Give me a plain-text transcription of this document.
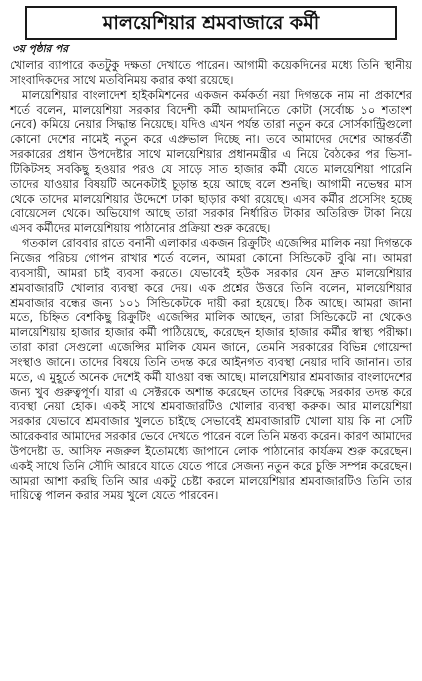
মালয়েশিয়ার শ্রমবাজারে কর্মী
৩য় পৃষ্ঠার পর

খোলার ব্যাপারে কতটুকু দক্ষতা দেখাতে পারেন। আগামী কয়েকদিনের মধ্যে তিনি স্থানীয় সাংবাদিকদের সাথে মতবিনিময় করার কথা রয়েছে।

মালয়েশিয়ার বাংলাদেশ হাইকমিশনের একজন কর্মকর্তা নয়া দিগন্তকে নাম না প্রকাশের শর্তে বলেন, মালয়েশিয়া সরকার বিদেশী কর্মী আমদানিতে কোটা (সর্বোচ্চ ১০ শতাংশ নেবে) কমিয়ে নেয়ার সিদ্ধান্ত নিয়েছে। যদিও এখন পর্যন্ত তারা নতুন করে সোর্সকান্ট্রিগুলো কোনো দেশের নামেই নতুন করে এপ্রুভাল দিচ্ছে না। তবে আমাদের দেশের আন্তর্বর্তী সরকারের প্রধান উপদেষ্টার সাথে মালয়েশিয়ার প্রধানমন্ত্রীর এ নিয়ে বৈঠকের পর ভিসা-টিকিটসহ সবকিছু হওয়ার পরও যে সাড়ে সাত হাজার কর্মী যেতে মালয়েশিয়া পারেনি তাদের যাওয়ার বিষয়টি অনেকটাই চূড়ান্ত হয়ে আছে বলে শুনছি। আগামী নভেম্বর মাস থেকে তাদের মালয়েশিয়ার উদ্দেশে ঢাকা ছাড়ার কথা রয়েছে। এসব কর্মীর প্রসেসিং হচ্ছে বোয়েসেল থেকে। অভিযোগ আছে তারা সরকার নির্ধারিত টাকার অতিরিক্ত টাকা নিয়ে এসব কর্মীদের মালয়েশিয়ায় পাঠানোর প্রক্রিয়া শুরু করেছে।

গতকাল রোববার রাতে বনানী এলাকার একজন রিক্রুটিং এজেন্সির মালিক নয়া দিগন্তকে নিজের পরিচয় গোপন রাখার শর্তে বলেন, আমরা কোনো সিন্ডিকেট বুঝি না। আমরা ব্যবসায়ী, আমরা চাই ব্যবসা করতে। যেভাবেই হউক সরকার যেন দ্রুত মালয়েশিয়ার শ্রমবাজারটি খোলার ব্যবস্থা করে দেয়। এক প্রশ্নের উত্তরে তিনি বলেন, মালয়েশিয়ার শ্রমবাজার বন্ধের জন্য ১০১ সিন্ডিকেটকে দায়ী করা হয়েছে। ঠিক আছে। আমরা জানা মতে, চিহ্নিত বেশকিছু রিক্রুটিং এজেন্সির মালিক আছেন, তারা সিন্ডিকেটে না থেকেও মালয়েশিয়ায় হাজার হাজার কর্মী পাঠিয়েছে, করেছেন হাজার হাজার কর্মীর স্বাস্থ্য পরীক্ষা। তারা কারা সেগুলো এজেন্সির মালিক যেমন জানে, তেমনি সরকারের বিভিন্ন গোয়েন্দা সংস্থাও জানে। তাদের বিষয়ে তিনি তদন্ত করে আইনগত ব্যবস্থা নেয়ার দাবি জানান। তার মতে, এ মুহূর্তে অনেক দেশেই কর্মী যাওয়া বন্ধ আছে। মালয়েশিয়ার শ্রমবাজার বাংলাদেশের জন্য খুব গুরুত্বপূর্ণ। যারা এ সেক্টরকে অশান্ত করেছেন তাদের বিরুদ্ধে সরকার তদন্ত করে ব্যবস্থা নেয়া হোক। একই সাথে শ্রমবাজারটিও খোলার ব্যবস্থা করুক। আর মালয়েশিয়া সরকার যেভাবে শ্রমবাজার খুলতে চাইছে সেভাবেই শ্রমবাজারটি খোলা যায় কি না সেটি আরেকবার আমাদের সরকার ভেবে দেখতে পারেন বলে তিনি মন্তব্য করেন। কারণ আমাদের উপদেষ্টা ড. আসিফ নজরুল ইতোমধ্যে জাপানে লোক পাঠানোর কার্যক্রম শুরু করেছেন। একই সাথে তিনি সৌদি আরবে যাতে যেতে পারে সেজন্য নতুন করে চুক্তি সম্পন্ন করেছেন। আমরা আশা করছি তিনি আর একটু চেষ্টা করলে মালয়েশিয়ার শ্রমবাজারটিও তিনি তার দায়িত্বে পালন করার সময় খুলে যেতে পারবেন।
